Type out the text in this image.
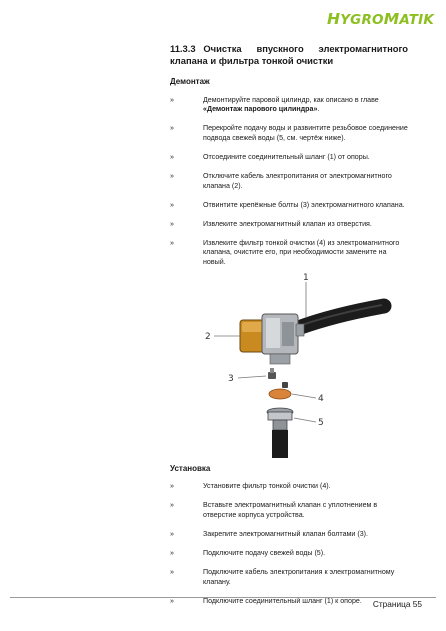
HYGROMATIK
11.3.3 Очистка впускного электромагнитного
клапана и фильтра тонкой очистки
Демонтаж
»	Демонтируйте паровой цилиндр, как описано в главе
«Демонтаж парового цилиндра».
»	Перекройте подачу воды и развинтите резьбовое соединение подвода свежей воды (5, см. чертёж ниже).
»	Отсоедините соединительный шланг (1) от опоры.
»	Отключите кабель электропитания от электромагнитного клапана (2).
»	Отвинтите крепёжные болты (3) электромагнитного клапана.
»	Извлеките электромагнитный клапан из отверстия.
»	Извлеките фильтр тонкой очистки (4) из электромагнитного клапана, очистите его, при необходимости замените на новый.
1
2
3
4
5
Установка
»	Установите фильтр тонкой очистки (4).
»	Вставьте электромагнитный клапан с уплотнением в отверстие корпуса устройства.
»	Закрепите электромагнитный клапан болтами (3).
»	Подключите подачу свежей воды (5).
»	Подключите кабель электропитания к электромагнитному клапану.
»	Подключите соединительный шланг (1) к опоре.	Страница 55
